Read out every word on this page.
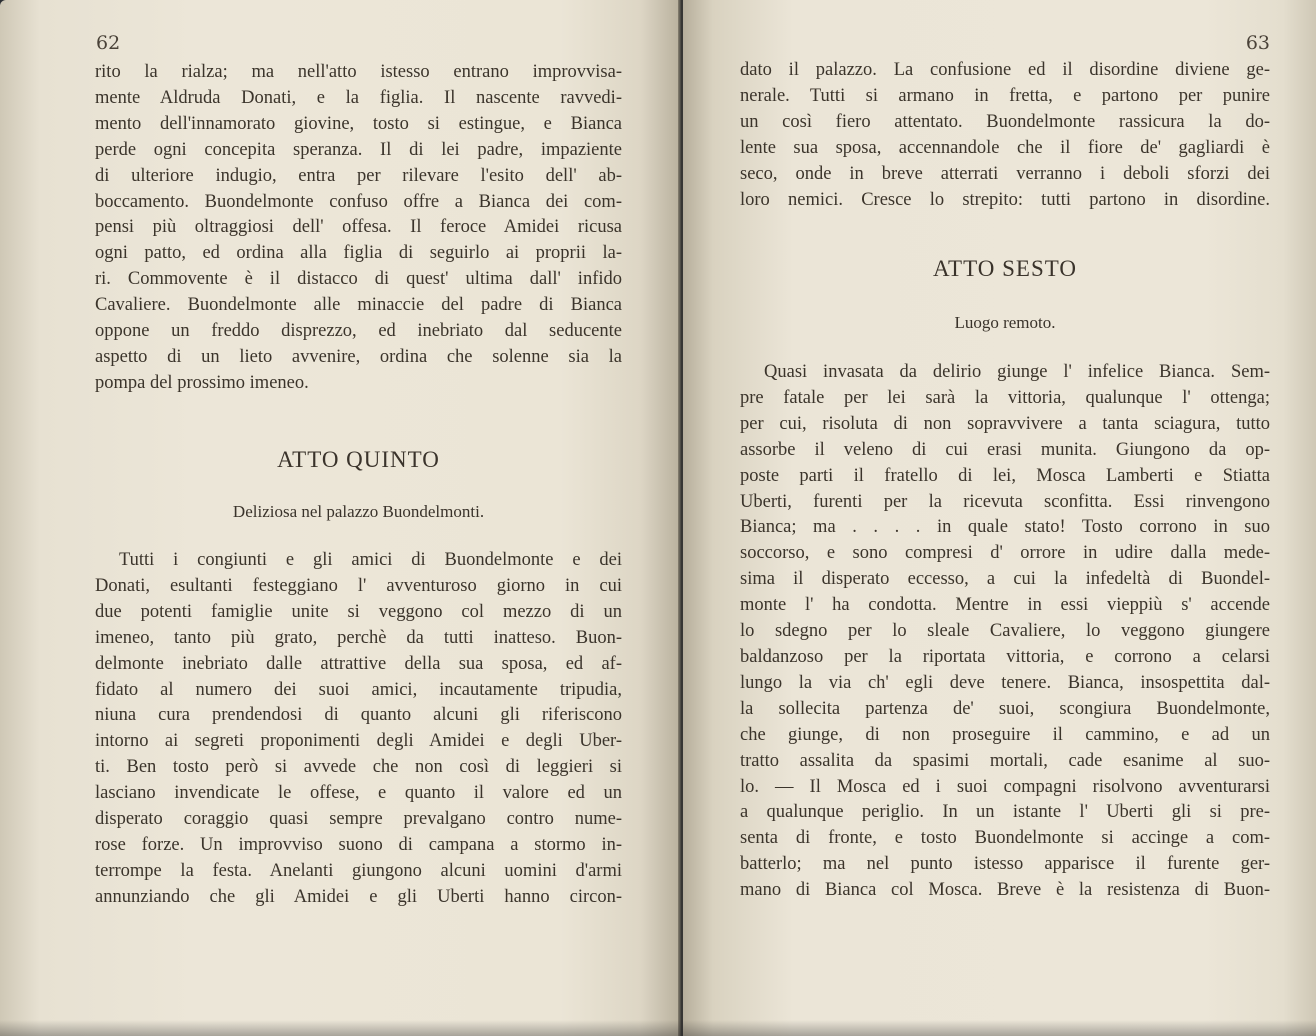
62
rito la rialza; ma nell'atto istesso entrano improvvisa-
mente Aldruda Donati, e la figlia. Il nascente ravvedi-
mento dell'innamorato giovine, tosto si estingue, e Bianca
perde ogni concepita speranza. Il di lei padre, impaziente
di ulteriore indugio, entra per rilevare l'esito dell' ab-
boccamento. Buondelmonte confuso offre a Bianca dei com-
pensi più oltraggiosi dell' offesa. Il feroce Amidei ricusa
ogni patto, ed ordina alla figlia di seguirlo ai proprii la-
ri. Commovente è il distacco di quest' ultima dall' infido
Cavaliere. Buondelmonte alle minaccie del padre di Bianca
oppone un freddo disprezzo, ed inebriato dal seducente
aspetto di un lieto avvenire, ordina che solenne sia la
pompa del prossimo imeneo.
ATTO QUINTO
Deliziosa nel palazzo Buondelmonti.
Tutti i congiunti e gli amici di Buondelmonte e dei
Donati, esultanti festeggiano l' avventuroso giorno in cui
due potenti famiglie unite si veggono col mezzo di un
imeneo, tanto più grato, perchè da tutti inatteso. Buon-
delmonte inebriato dalle attrattive della sua sposa, ed af-
fidato al numero dei suoi amici, incautamente tripudia,
niuna cura prendendosi di quanto alcuni gli riferiscono
intorno ai segreti proponimenti degli Amidei e degli Uber-
ti. Ben tosto però si avvede che non così di leggieri si
lasciano invendicate le offese, e quanto il valore ed un
disperato coraggio quasi sempre prevalgano contro nume-
rose forze. Un improvviso suono di campana a stormo in-
terrompe la festa. Anelanti giungono alcuni uomini d'armi
annunziando che gli Amidei e gli Uberti hanno circon-
63
dato il palazzo. La confusione ed il disordine diviene ge-
nerale. Tutti si armano in fretta, e partono per punire
un così fiero attentato. Buondelmonte rassicura la do-
lente sua sposa, accennandole che il fiore de' gagliardi è
seco, onde in breve atterrati verranno i deboli sforzi dei
loro nemici. Cresce lo strepito: tutti partono in disordine.
ATTO SESTO
Luogo remoto.
Quasi invasata da delirio giunge l' infelice Bianca. Sem-
pre fatale per lei sarà la vittoria, qualunque l' ottenga;
per cui, risoluta di non sopravvivere a tanta sciagura, tutto
assorbe il veleno di cui erasi munita. Giungono da op-
poste parti il fratello di lei, Mosca Lamberti e Stiatta
Uberti, furenti per la ricevuta sconfitta. Essi rinvengono
Bianca; ma . . . . in quale stato! Tosto corrono in suo
soccorso, e sono compresi d' orrore in udire dalla mede-
sima il disperato eccesso, a cui la infedeltà di Buondel-
monte l' ha condotta. Mentre in essi vieppiù s' accende
lo sdegno per lo sleale Cavaliere, lo veggono giungere
baldanzoso per la riportata vittoria, e corrono a celarsi
lungo la via ch' egli deve tenere. Bianca, insospettita dal-
la sollecita partenza de' suoi, scongiura Buondelmonte,
che giunge, di non proseguire il cammino, e ad un
tratto assalita da spasimi mortali, cade esanime al suo-
lo. — Il Mosca ed i suoi compagni risolvono avventurarsi
a qualunque periglio. In un istante l' Uberti gli si pre-
senta di fronte, e tosto Buondelmonte si accinge a com-
batterlo; ma nel punto istesso apparisce il furente ger-
mano di Bianca col Mosca. Breve è la resistenza di Buon-
